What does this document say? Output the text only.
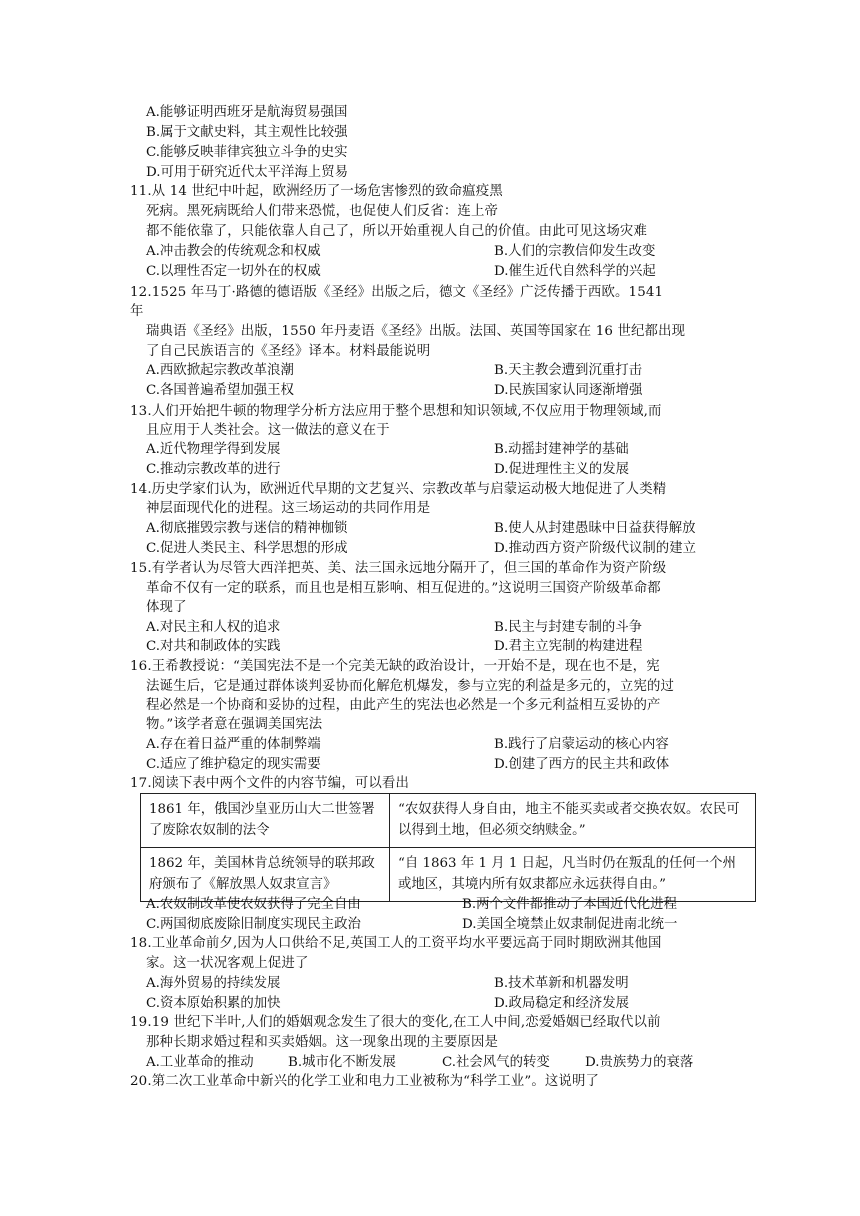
A.能够证明西班牙是航海贸易强国
B.属于文献史料，其主观性比较强
C.能够反映菲律宾独立斗争的史实
D.可用于研究近代太平洋海上贸易
11.从 14 世纪中叶起，欧洲经历了一场危害惨烈的致命瘟疫黑
死病。黑死病既给人们带来恐慌，也促使人们反省：连上帝
都不能依靠了，只能依靠人自己了，所以开始重视人自己的价值。由此可见这场灾难
A.冲击教会的传统观念和权威	B.人们的宗教信仰发生改变
C.以理性否定一切外在的权威	D.催生近代自然科学的兴起
12.1525 年马丁·路德的德语版《圣经》出版之后，德文《圣经》广泛传播于西欧。1541
年
瑞典语《圣经》出版，1550 年丹麦语《圣经》出版。法国、英国等国家在 16 世纪都出现
了自己民族语言的《圣经》译本。材料最能说明
A.西欧掀起宗教改革浪潮	B.天主教会遭到沉重打击
C.各国普遍希望加强王权	D.民族国家认同逐渐增强
13.人们开始把牛顿的物理学分析方法应用于整个思想和知识领域,不仅应用于物理领域,而
且应用于人类社会。这一做法的意义在于
A.近代物理学得到发展	B.动摇封建神学的基础
C.推动宗教改革的进行	D.促进理性主义的发展
14.历史学家们认为，欧洲近代早期的文艺复兴、宗教改革与启蒙运动极大地促进了人类精
神层面现代化的进程。这三场运动的共同作用是
A.彻底摧毁宗教与迷信的精神枷锁	B.使人从封建愚昧中日益获得解放
C.促进人类民主、科学思想的形成	D.推动西方资产阶级代议制的建立
15.有学者认为尽管大西洋把英、美、法三国永远地分隔开了，但三国的革命作为资产阶级
革命不仅有一定的联系，而且也是相互影响、相互促进的。”这说明三国资产阶级革命都
体现了
A.对民主和人权的追求	B.民主与封建专制的斗争
C.对共和制政体的实践	D.君主立宪制的构建进程
16.王希教授说：“美国宪法不是一个完美无缺的政治设计，一开始不是，现在也不是，宪
法诞生后，它是通过群体谈判妥协而化解危机爆发，参与立宪的利益是多元的，立宪的过
程必然是一个协商和妥协的过程，由此产生的宪法也必然是一个多元利益相互妥协的产
物。”该学者意在强调美国宪法
A.存在着日益严重的体制弊端	B.践行了启蒙运动的核心内容
C.适应了维护稳定的现实需要	D.创建了西方的民主共和政体
17.阅读下表中两个文件的内容节编，可以看出
1861 年，俄国沙皇亚历山大二世签署了废除农奴制的法令	“农奴获得人身自由，地主不能买卖或者交换农奴。农民可以得到土地，但必须交纳赎金。”
1862 年，美国林肯总统领导的联邦政府颁布了《解放黑人奴隶宣言》	“自 1863 年 1 月 1 日起，凡当时仍在叛乱的任何一个州或地区，其境内所有奴隶都应永远获得自由。”
A.农奴制改革使农奴获得了完全自由	B.两个文件都推动了本国近代化进程
C.两国彻底废除旧制度实现民主政治	D.美国全境禁止奴隶制促进南北统一
18.工业革命前夕,因为人口供给不足,英国工人的工资平均水平要远高于同时期欧洲其他国
家。这一状况客观上促进了
A.海外贸易的持续发展	B.技术革新和机器发明
C.资本原始积累的加快	D.政局稳定和经济发展
19.19 世纪下半叶,人们的婚姻观念发生了很大的变化,在工人中间,恋爱婚姻已经取代以前
那种长期求婚过程和买卖婚姻。这一现象出现的主要原因是
A.工业革命的推动	B.城市化不断发展	C.社会风气的转变	D.贵族势力的衰落
20.第二次工业革命中新兴的化学工业和电力工业被称为“科学工业”。这说明了
